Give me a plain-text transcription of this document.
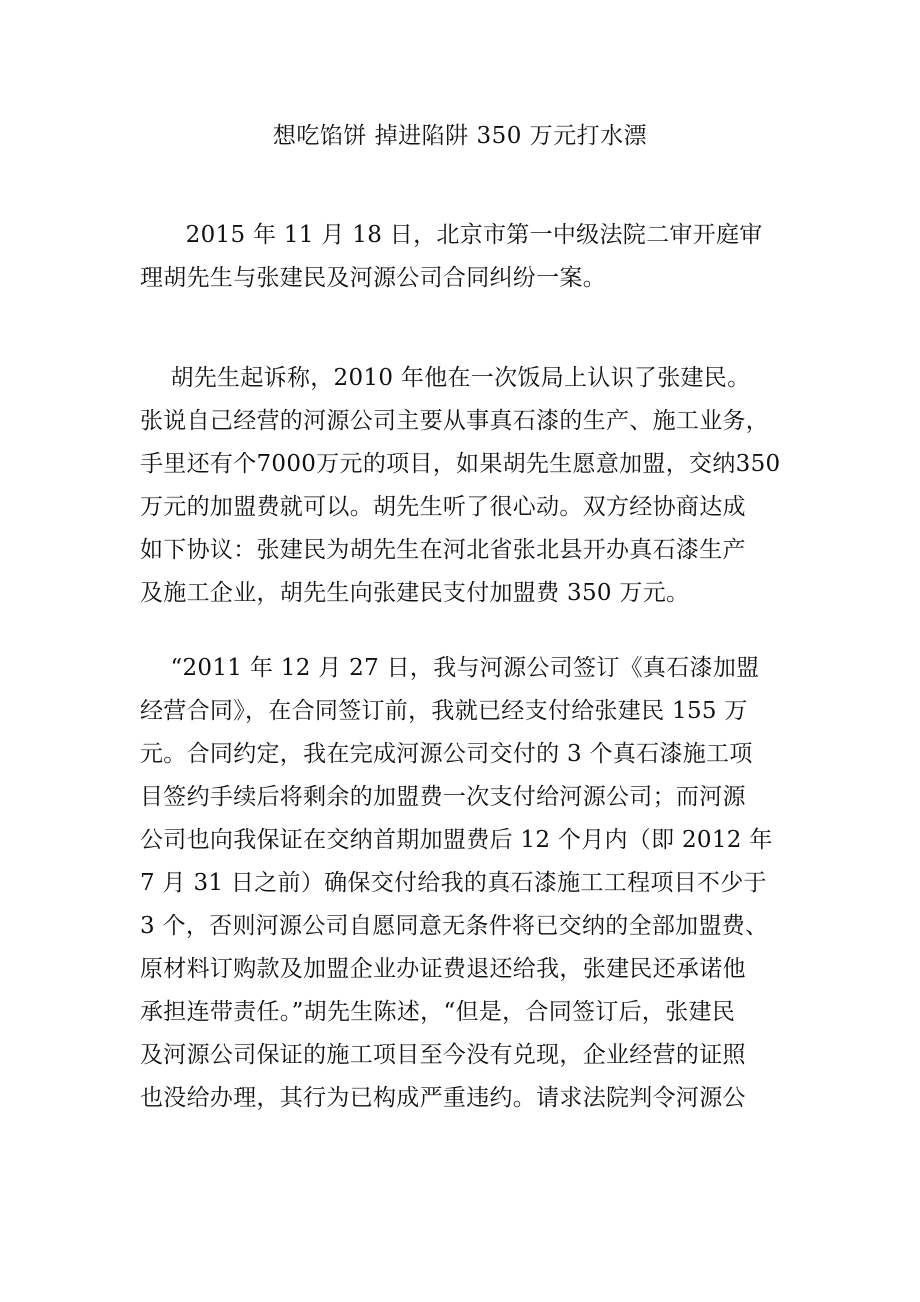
想吃馅饼 掉进陷阱 350 万元打水漂

2015 年 11 月 18 日，北京市第一中级法院二审开庭审
理胡先生与张建民及河源公司合同纠纷一案。

胡先生起诉称，2010 年他在一次饭局上认识了张建民。
张说自己经营的河源公司主要从事真石漆的生产、施工业务，
手里还有个7000万元的项目，如果胡先生愿意加盟，交纳350
万元的加盟费就可以。胡先生听了很心动。双方经协商达成
如下协议：张建民为胡先生在河北省张北县开办真石漆生产
及施工企业，胡先生向张建民支付加盟费 350 万元。

“2011 年 12 月 27 日，我与河源公司签订《真石漆加盟
经营合同》，在合同签订前，我就已经支付给张建民 155 万
元。合同约定，我在完成河源公司交付的 3 个真石漆施工项
目签约手续后将剩余的加盟费一次支付给河源公司；而河源
公司也向我保证在交纳首期加盟费后 12 个月内（即 2012 年
7 月 31 日之前）确保交付给我的真石漆施工工程项目不少于
3 个，否则河源公司自愿同意无条件将已交纳的全部加盟费、
原材料订购款及加盟企业办证费退还给我，张建民还承诺他
承担连带责任。”胡先生陈述，“但是，合同签订后，张建民
及河源公司保证的施工项目至今没有兑现，企业经营的证照
也没给办理，其行为已构成严重违约。请求法院判令河源公
